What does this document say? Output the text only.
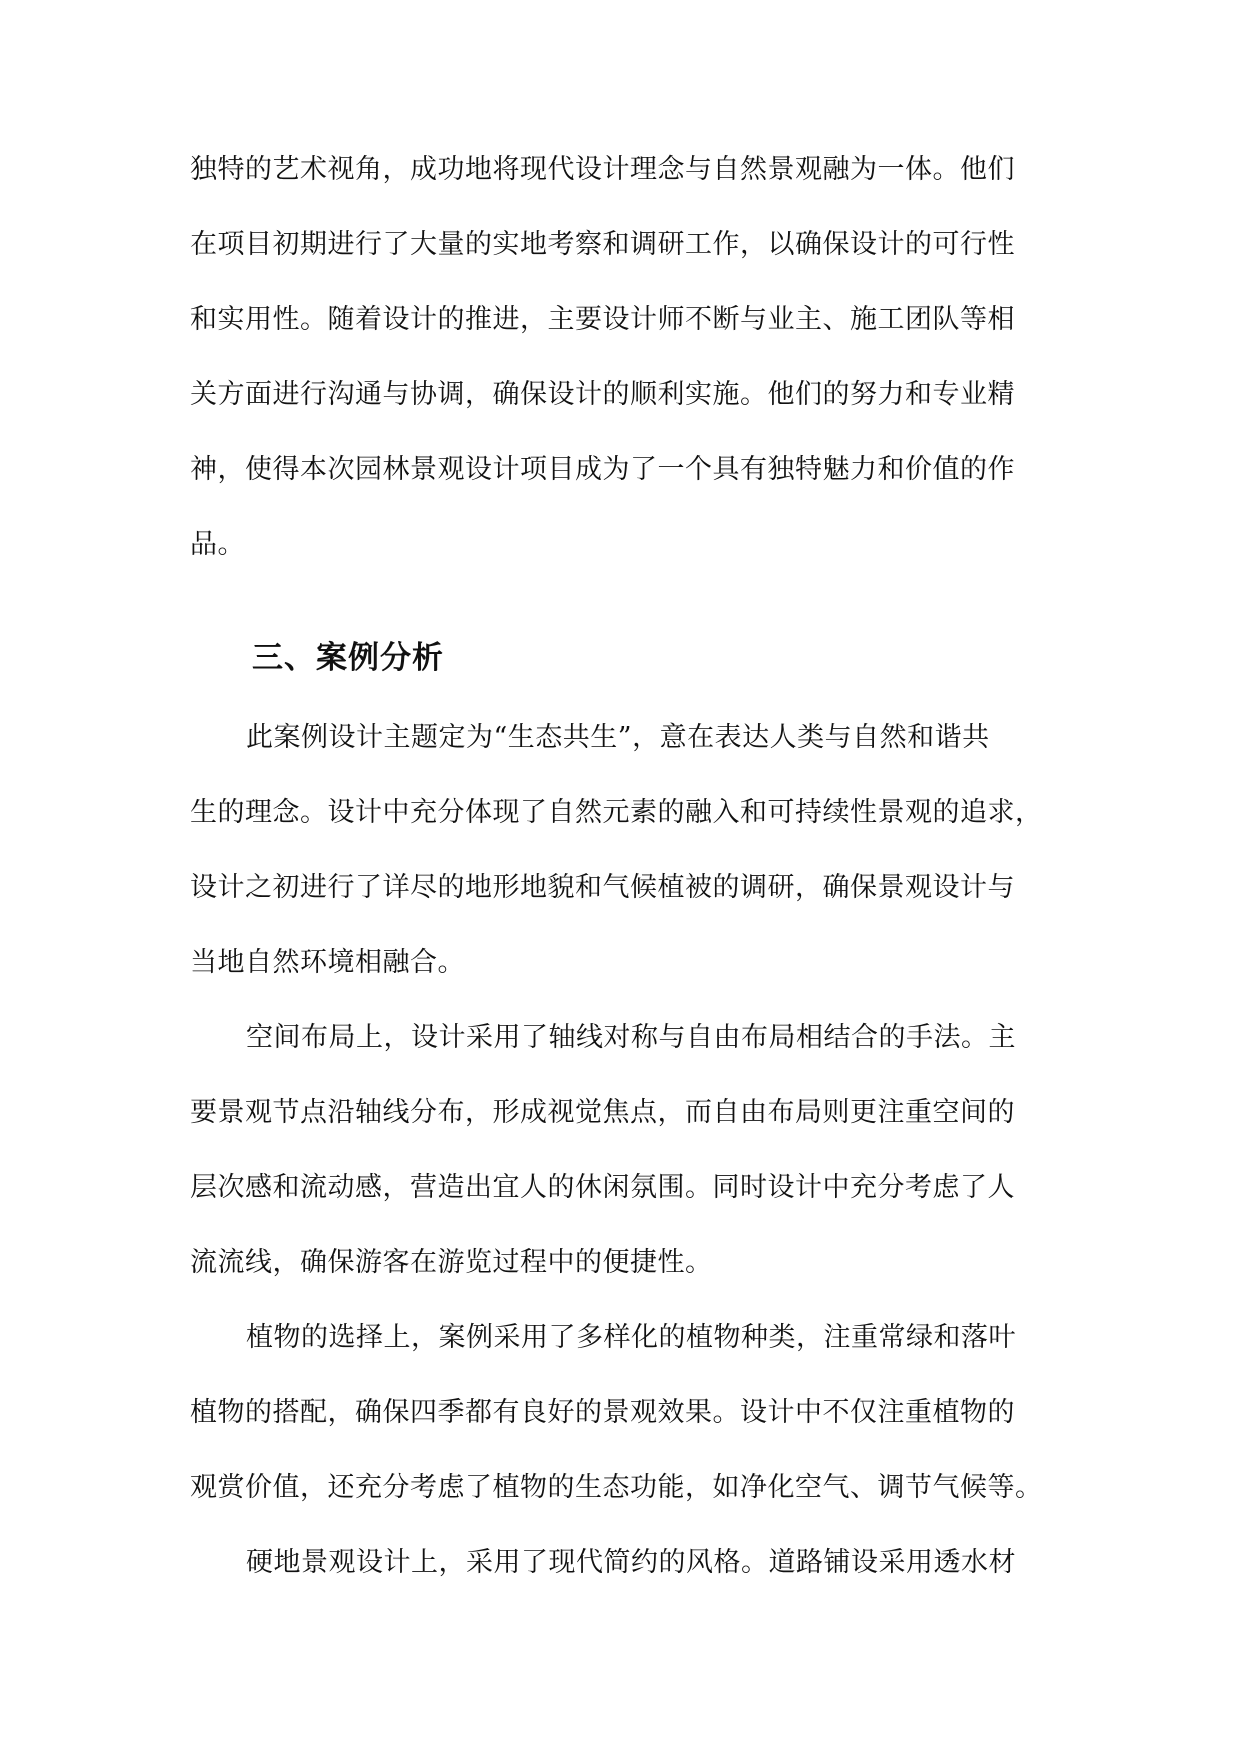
独特的艺术视角，成功地将现代设计理念与自然景观融为一体。他们
在项目初期进行了大量的实地考察和调研工作，以确保设计的可行性
和实用性。随着设计的推进，主要设计师不断与业主、施工团队等相
关方面进行沟通与协调，确保设计的顺利实施。他们的努力和专业精
神，使得本次园林景观设计项目成为了一个具有独特魅力和价值的作
品。
三、案例分析
此案例设计主题定为“生态共生”，意在表达人类与自然和谐共
生的理念。设计中充分体现了自然元素的融入和可持续性景观的追求，
设计之初进行了详尽的地形地貌和气候植被的调研，确保景观设计与
当地自然环境相融合。
空间布局上，设计采用了轴线对称与自由布局相结合的手法。主
要景观节点沿轴线分布，形成视觉焦点，而自由布局则更注重空间的
层次感和流动感，营造出宜人的休闲氛围。同时设计中充分考虑了人
流流线，确保游客在游览过程中的便捷性。
植物的选择上，案例采用了多样化的植物种类，注重常绿和落叶
植物的搭配，确保四季都有良好的景观效果。设计中不仅注重植物的
观赏价值，还充分考虑了植物的生态功能，如净化空气、调节气候等。
硬地景观设计上，采用了现代简约的风格。道路铺设采用透水材
